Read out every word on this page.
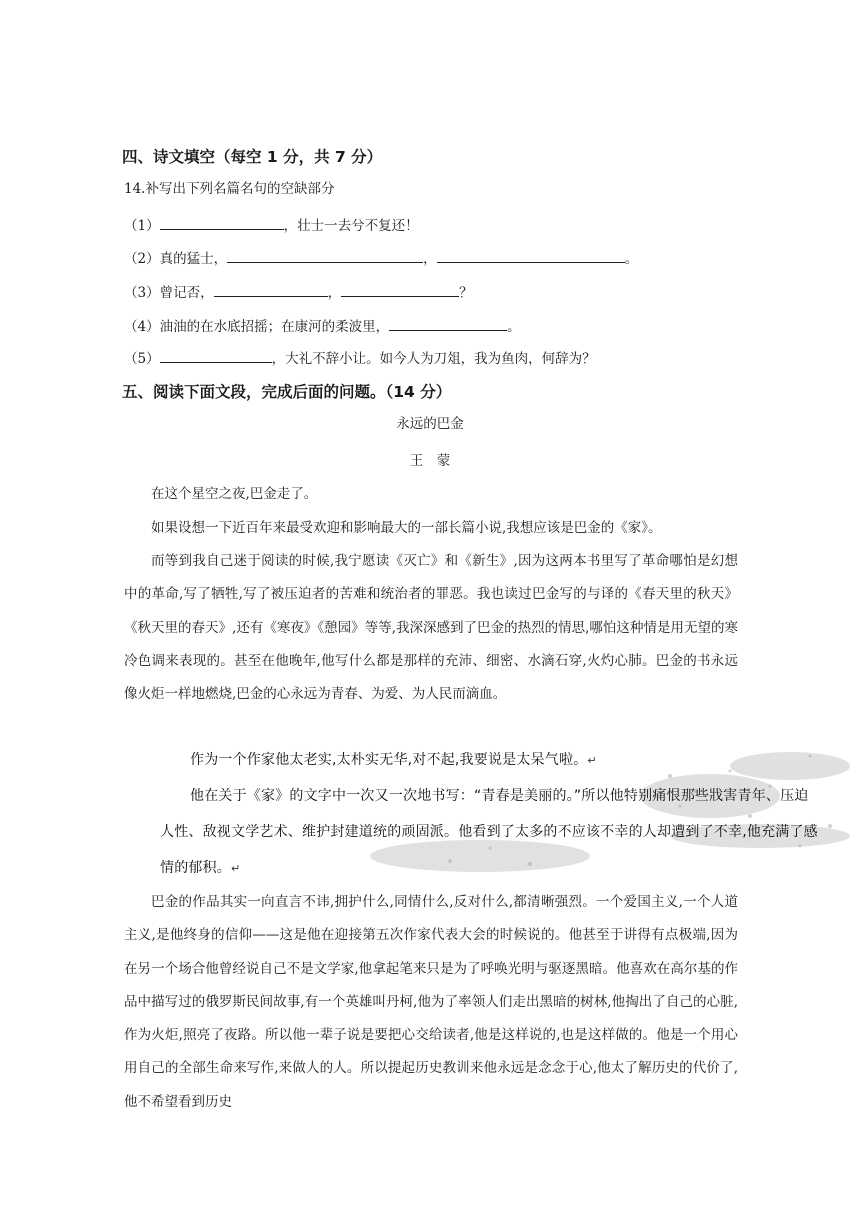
四、诗文填空（每空 1 分，共 7 分）
14.补写出下列名篇名句的空缺部分
（1）	，壮士一去兮不复还！
（2）真的猛士，	，	。
（3）曾记否，	，	？
（4）油油的在水底招摇；在康河的柔波里，	。
（5）	，大礼不辞小让。如今人为刀俎，我为鱼肉，何辞为？
五、阅读下面文段，完成后面的问题。（14 分）
永远的巴金
王　蒙
在这个星空之夜,巴金走了。
如果设想一下近百年来最受欢迎和影响最大的一部长篇小说,我想应该是巴金的《家》。
而等到我自己迷于阅读的时候,我宁愿读《灭亡》和《新生》,因为这两本书里写了革命哪怕是幻想中的革命,写了牺牲,写了被压迫者的苦难和统治者的罪恶。我也读过巴金写的与译的《春天里的秋天》《秋天里的春天》,还有《寒夜》《憩园》等等,我深深感到了巴金的热烈的情思,哪怕这种情是用无望的寒冷色调来表现的。甚至在他晚年,他写什么都是那样的充沛、细密、水滴石穿,火灼心肺。巴金的书永远像火炬一样地燃烧,巴金的心永远为青春、为爱、为人民而滴血。
作为一个作家他太老实,太朴实无华,对不起,我要说是太呆气啦。↵
他在关于《家》的文字中一次又一次地书写：“青春是美丽的。”所以他特别痛恨那些戕害青年、压迫
人性、敌视文学艺术、维护封建道统的顽固派。他看到了太多的不应该不幸的人却遭到了不幸,他充满了感
情的郁积。↵
巴金的作品其实一向直言不讳,拥护什么,同情什么,反对什么,都清晰强烈。一个爱国主义,一个人道主义,是他终身的信仰——这是他在迎接第五次作家代表大会的时候说的。他甚至于讲得有点极端,因为在另一个场合他曾经说自己不是文学家,他拿起笔来只是为了呼唤光明与驱逐黑暗。他喜欢在高尔基的作品中描写过的俄罗斯民间故事,有一个英雄叫丹柯,他为了率领人们走出黑暗的树林,他掏出了自己的心脏,作为火炬,照亮了夜路。所以他一辈子说是要把心交给读者,他是这样说的,也是这样做的。他是一个用心用自己的全部生命来写作,来做人的人。所以提起历史教训来他永远是念念于心,他太了解历史的代价了,他不希望看到历史
